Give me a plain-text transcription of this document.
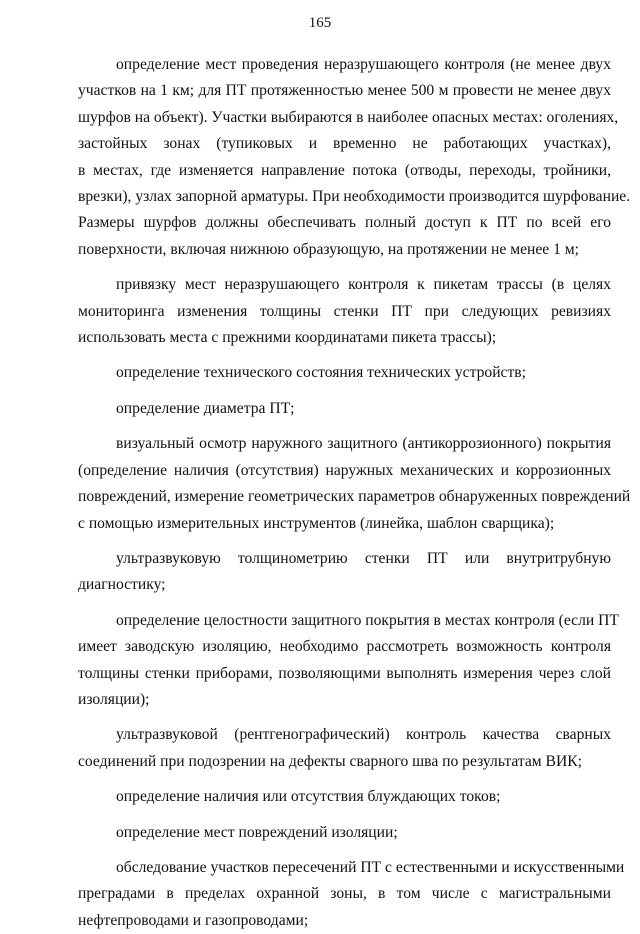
165
определение мест проведения неразрушающего контроля (не менее двух
участков на 1 км; для ПТ протяженностью менее 500 м провести не менее двух
шурфов на объект). Участки выбираются в наиболее опасных местах: оголениях,
застойных зонах (тупиковых и временно не работающих участках),
в местах, где изменяется направление потока (отводы, переходы, тройники,
врезки), узлах запорной арматуры. При необходимости производится шурфование.
Размеры шурфов должны обеспечивать полный доступ к ПТ по всей его
поверхности, включая нижнюю образующую, на протяжении не менее 1 м;
привязку мест неразрушающего контроля к пикетам трассы (в целях
мониторинга изменения толщины стенки ПТ при следующих ревизиях
использовать места с прежними координатами пикета трассы);
определение технического состояния технических устройств;
определение диаметра ПТ;
визуальный осмотр наружного защитного (антикоррозионного) покрытия
(определение наличия (отсутствия) наружных механических и коррозионных
повреждений, измерение геометрических параметров обнаруженных повреждений
с помощью измерительных инструментов (линейка, шаблон сварщика);
ультразвуковую толщинометрию стенки ПТ или внутритрубную
диагностику;
определение целостности защитного покрытия в местах контроля (если ПТ
имеет заводскую изоляцию, необходимо рассмотреть возможность контроля
толщины стенки приборами, позволяющими выполнять измерения через слой
изоляции);
ультразвуковой (рентгенографический) контроль качества сварных
соединений при подозрении на дефекты сварного шва по результатам ВИК;
определение наличия или отсутствия блуждающих токов;
определение мест повреждений изоляции;
обследование участков пересечений ПТ с естественными и искусственными
преградами в пределах охранной зоны, в том числе с магистральными
нефтепроводами и газопроводами;
